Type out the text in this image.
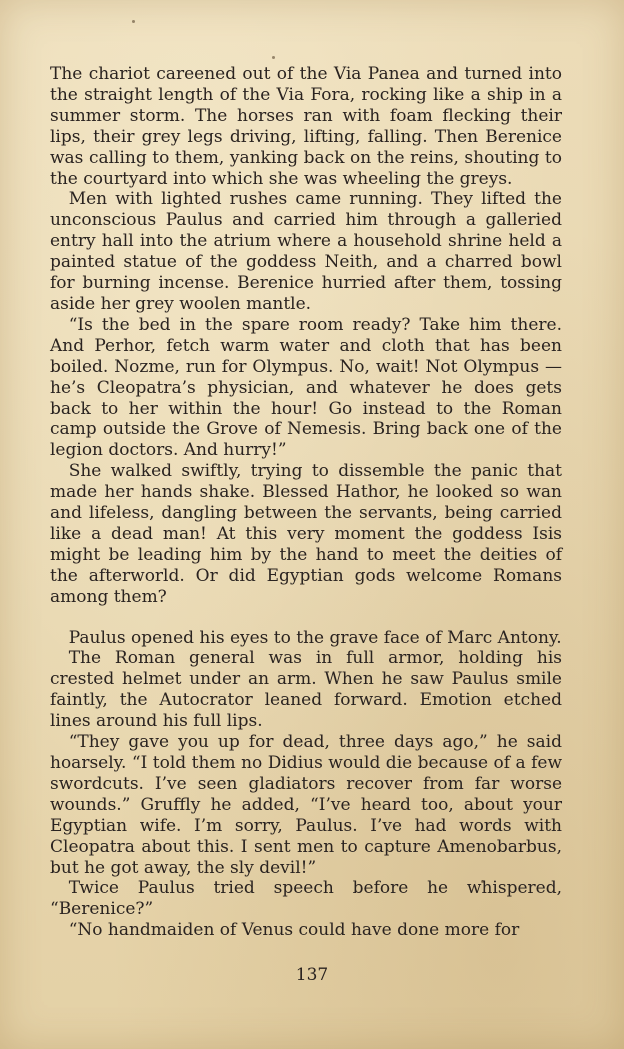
The chariot careened out of the Via Panea and turned into the straight length of the Via Fora, rocking like a ship in a summer storm. The horses ran with foam flecking their lips, their grey legs driving, lifting, falling. Then Berenice was calling to them, yanking back on the reins, shouting to the courtyard into which she was wheeling the greys.

Men with lighted rushes came running. They lifted the unconscious Paulus and carried him through a galleried entry hall into the atrium where a household shrine held a painted statue of the goddess Neith, and a charred bowl for burning incense. Berenice hurried after them, tossing aside her grey woolen mantle.

“Is the bed in the spare room ready? Take him there. And Perhor, fetch warm water and cloth that has been boiled. Nozme, run for Olympus. No, wait! Not Olympus —he’s Cleopatra’s physician, and whatever he does gets back to her within the hour! Go instead to the Roman camp outside the Grove of Nemesis. Bring back one of the legion doctors. And hurry!”

She walked swiftly, trying to dissemble the panic that made her hands shake. Blessed Hathor, he looked so wan and lifeless, dangling between the servants, being carried like a dead man! At this very moment the goddess Isis might be leading him by the hand to meet the deities of the afterworld. Or did Egyptian gods welcome Romans among them?

Paulus opened his eyes to the grave face of Marc Antony.

The Roman general was in full armor, holding his crested helmet under an arm. When he saw Paulus smile faintly, the Autocrator leaned forward. Emotion etched lines around his full lips.

“They gave you up for dead, three days ago,” he said hoarsely. “I told them no Didius would die because of a few swordcuts. I’ve seen gladiators recover from far worse wounds.” Gruffly he added, “I’ve heard too, about your Egyptian wife. I’m sorry, Paulus. I’ve had words with Cleopatra about this. I sent men to capture Amenobarbus, but he got away, the sly devil!”

Twice Paulus tried speech before he whispered, “Berenice?”

“No handmaiden of Venus could have done more for

137
